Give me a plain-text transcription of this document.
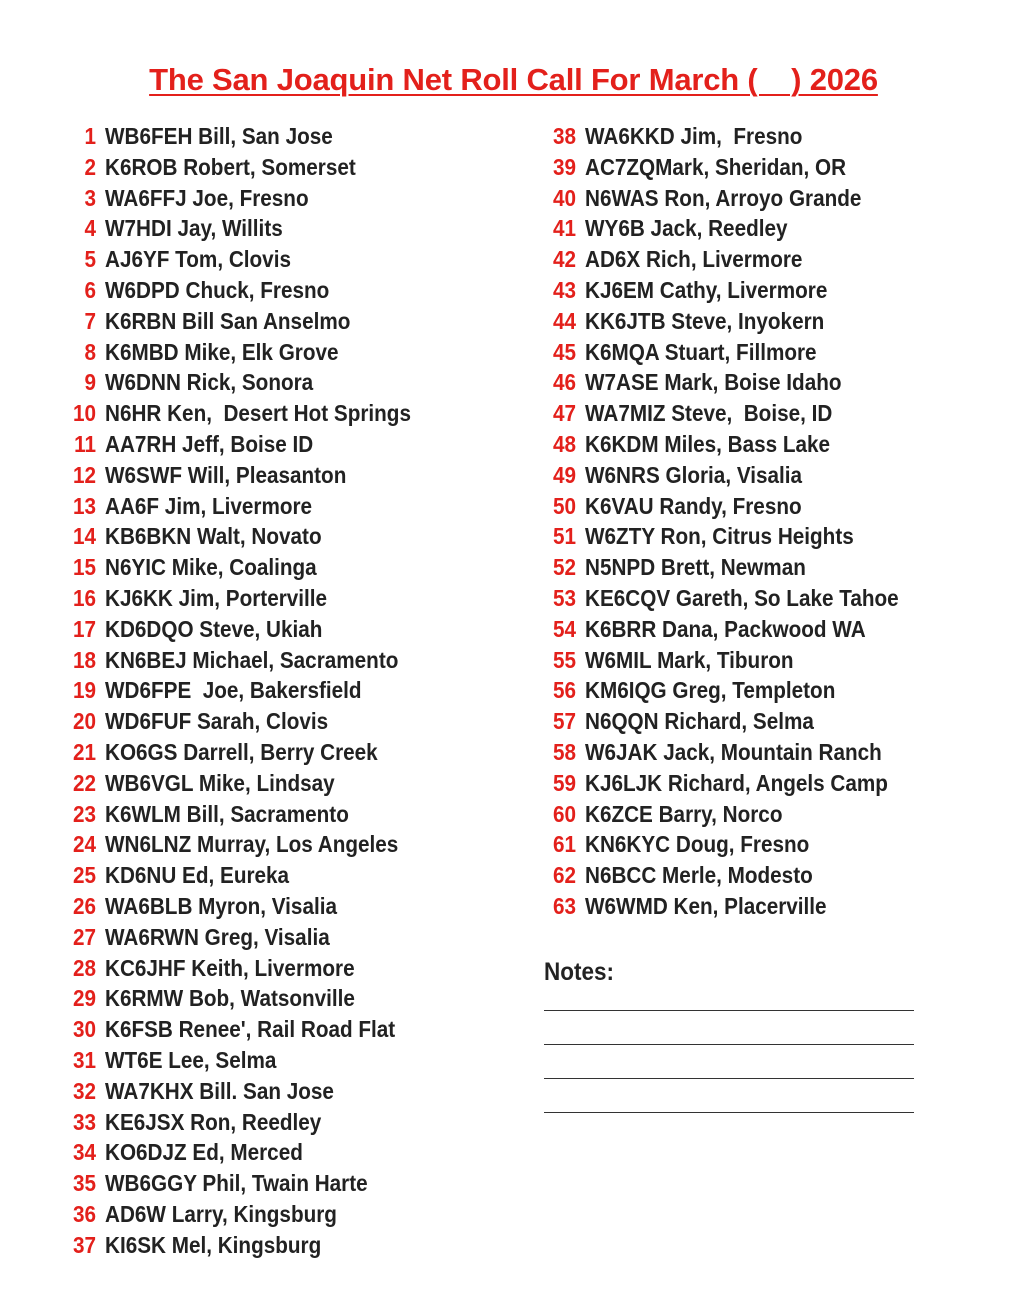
The San Joaquin Net Roll Call For March (    ) 2026
1 WB6FEH Bill, San Jose
2 K6ROB Robert, Somerset
3 WA6FFJ Joe, Fresno
4 W7HDI Jay, Willits
5 AJ6YF Tom, Clovis
6 W6DPD Chuck, Fresno
7 K6RBN Bill San Anselmo
8 K6MBD Mike, Elk Grove
9 W6DNN Rick, Sonora
10 N6HR Ken,  Desert Hot Springs
11 AA7RH Jeff, Boise ID
12 W6SWF Will, Pleasanton
13 AA6F Jim, Livermore
14 KB6BKN Walt, Novato
15 N6YIC Mike, Coalinga
16 KJ6KK Jim, Porterville
17 KD6DQO Steve, Ukiah
18 KN6BEJ Michael, Sacramento
19 WD6FPE  Joe, Bakersfield
20 WD6FUF Sarah, Clovis
21 KO6GS Darrell, Berry Creek
22 WB6VGL Mike, Lindsay
23 K6WLM Bill, Sacramento
24 WN6LNZ Murray, Los Angeles
25 KD6NU Ed, Eureka
26 WA6BLB Myron, Visalia
27 WA6RWN Greg, Visalia
28 KC6JHF Keith, Livermore
29 K6RMW Bob, Watsonville
30 K6FSB Renee', Rail Road Flat
31 WT6E Lee, Selma
32 WA7KHX Bill. San Jose
33 KE6JSX Ron, Reedley
34 KO6DJZ Ed, Merced
35 WB6GGY Phil, Twain Harte
36 AD6W Larry, Kingsburg
37 KI6SK Mel, Kingsburg
38 WA6KKD Jim,  Fresno
39 AC7ZQMark, Sheridan, OR
40 N6WAS Ron, Arroyo Grande
41 WY6B Jack, Reedley
42 AD6X Rich, Livermore
43 KJ6EM Cathy, Livermore
44 KK6JTB Steve, Inyokern
45 K6MQA Stuart, Fillmore
46 W7ASE Mark, Boise Idaho
47 WA7MIZ Steve,  Boise, ID
48 K6KDM Miles, Bass Lake
49 W6NRS Gloria, Visalia
50 K6VAU Randy, Fresno
51 W6ZTY Ron, Citrus Heights
52 N5NPD Brett, Newman
53 KE6CQV Gareth, So Lake Tahoe
54 K6BRR Dana, Packwood WA
55 W6MIL Mark, Tiburon
56 KM6IQG Greg, Templeton
57 N6QQN Richard, Selma
58 W6JAK Jack, Mountain Ranch
59 KJ6LJK Richard, Angels Camp
60 K6ZCE Barry, Norco
61 KN6KYC Doug, Fresno
62 N6BCC Merle, Modesto
63 W6WMD Ken, Placerville
Notes:
